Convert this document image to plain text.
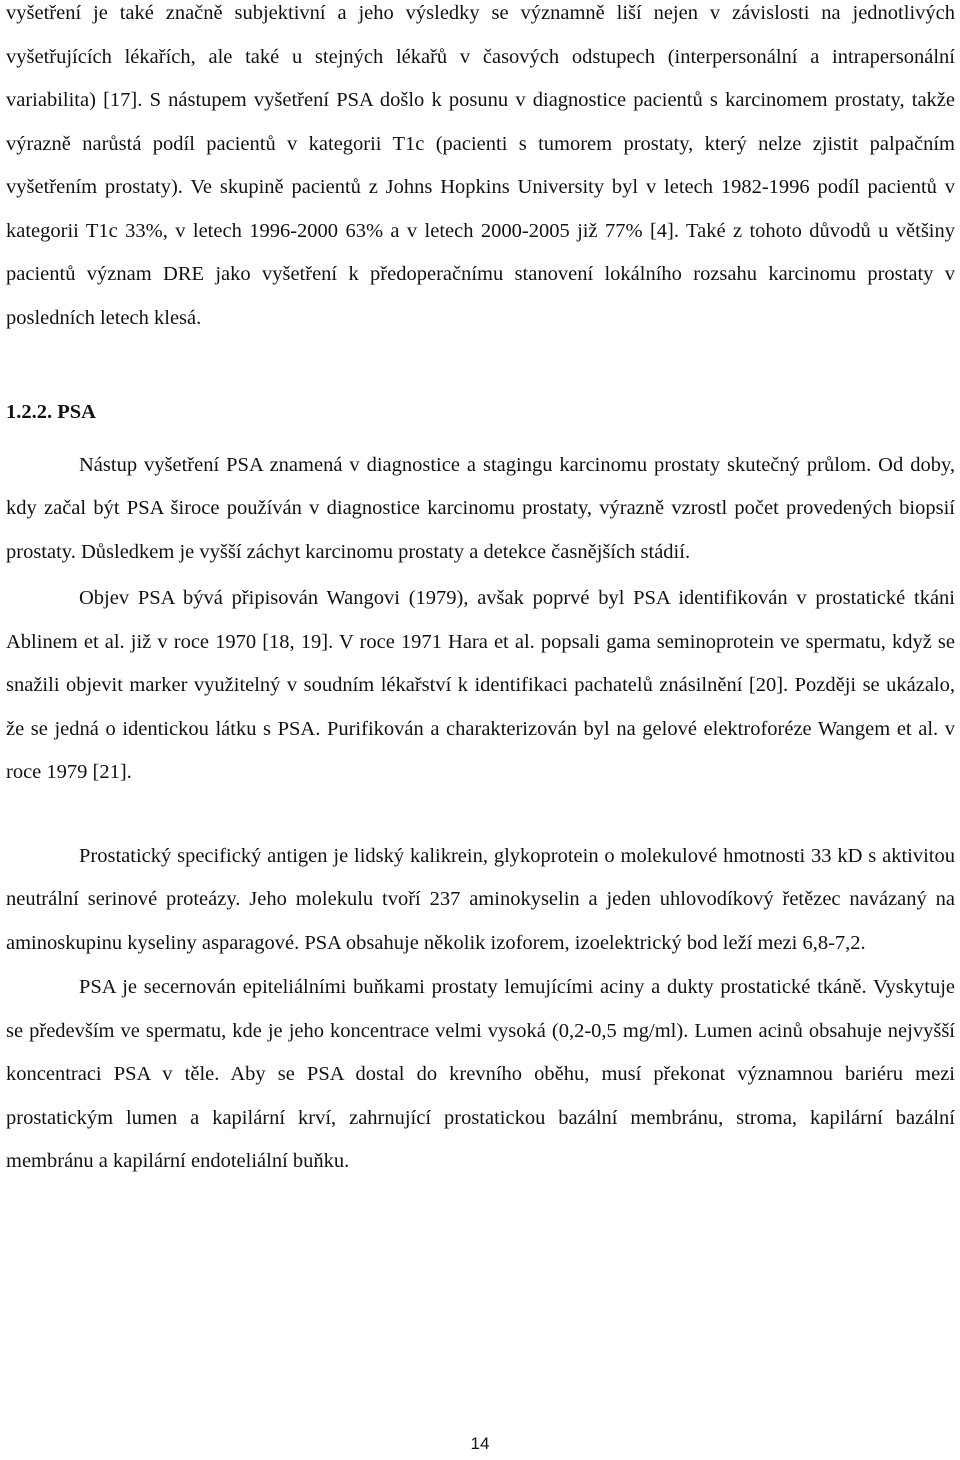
vyšetření je také značně subjektivní a jeho výsledky se významně liší nejen v závislosti na jednotlivých vyšetřujících lékařích, ale také u stejných lékařů v časových odstupech (interpersonální a intrapersonální variabilita) [17]. S nástupem vyšetření PSA došlo k posunu v diagnostice pacientů s karcinomem prostaty, takže výrazně narůstá podíl pacientů v kategorii T1c (pacienti s tumorem prostaty, který nelze zjistit palpačním vyšetřením prostaty). Ve skupině pacientů z Johns Hopkins University byl v letech 1982-1996 podíl pacientů v kategorii T1c 33%, v letech 1996-2000 63% a v letech 2000-2005 již 77% [4]. Také z tohoto důvodů u většiny pacientů význam DRE jako vyšetření k předoperačnímu stanovení lokálního rozsahu karcinomu prostaty v posledních letech klesá.

1.2.2. PSA

Nástup vyšetření PSA znamená v diagnostice a stagingu karcinomu prostaty skutečný průlom. Od doby, kdy začal být PSA široce používán v diagnostice karcinomu prostaty, výrazně vzrostl počet provedených biopsií prostaty. Důsledkem je vyšší záchyt karcinomu prostaty a detekce časnějších stádií.

Objev PSA bývá připisován Wangovi (1979), avšak poprvé byl PSA identifikován v prostatické tkáni Ablinem et al. již v roce 1970 [18, 19]. V roce 1971 Hara et al. popsali gama seminoprotein ve spermatu, když se snažili objevit marker využitelný v soudním lékařství k identifikaci pachatelů znásilnění [20]. Později se ukázalo, že se jedná o identickou látku s PSA. Purifikován a charakterizován byl na gelové elektroforéze Wangem et al. v roce 1979 [21].

Prostatický specifický antigen je lidský kalikrein, glykoprotein o molekulové hmotnosti 33 kD s aktivitou neutrální serinové proteázy. Jeho molekulu tvoří 237 aminokyselin a jeden uhlovodíkový řetězec navázaný na aminoskupinu kyseliny asparagové. PSA obsahuje několik izoforem, izoelektrický bod leží mezi 6,8-7,2.

PSA je secernován epiteliálními buňkami prostaty lemujícími aciny a dukty prostatické tkáně. Vyskytuje se především ve spermatu, kde je jeho koncentrace velmi vysoká (0,2-0,5 mg/ml). Lumen acinů obsahuje nejvyšší koncentraci PSA v těle. Aby se PSA dostal do krevního oběhu, musí překonat významnou bariéru mezi prostatickým lumen a kapilární krví, zahrnující prostatickou bazální membránu, stroma, kapilární bazální membránu a kapilární endoteliální buňku.

14
